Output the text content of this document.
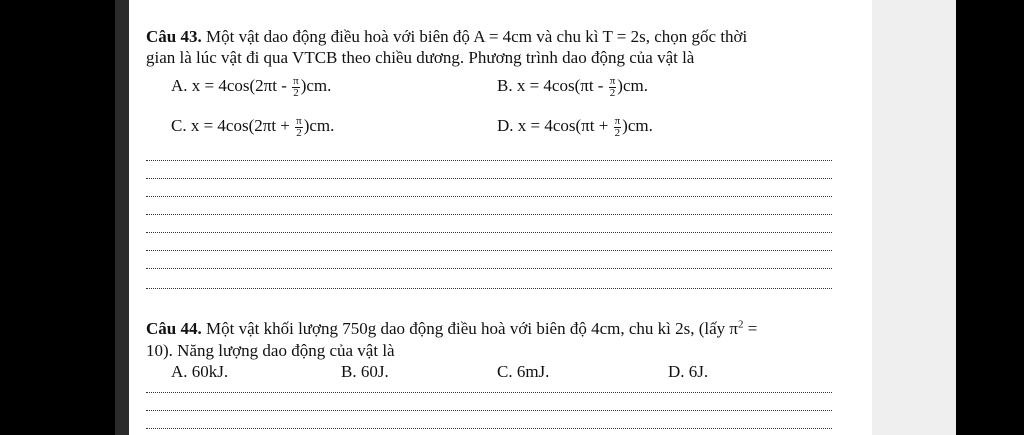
Câu 43. Một vật dao động điều hoà với biên độ A = 4cm và chu kì T = 2s, chọn gốc thời
gian là lúc vật đi qua VTCB theo chiều dương. Phương trình dao động của vật là
A. $x = 4\cos(2\pi t - \frac{\pi}{2} )cm$.	B. $x = 4\cos(\pi t - \frac{\pi}{2} )cm$.
C. $x = 4\cos(2\pi t + \frac{\pi}{2} )cm$.	D. $x = 4\cos(\pi t + \frac{\pi}{2} )cm$.
Câu 44. Một vật khối lượng 750g dao động điều hoà với biên độ 4cm, chu kì 2s, (lấy $\pi^2$ =
10). Năng lượng dao động của vật là
A. 60kJ.	B. 60J.	C. 6mJ.	D. 6J.
